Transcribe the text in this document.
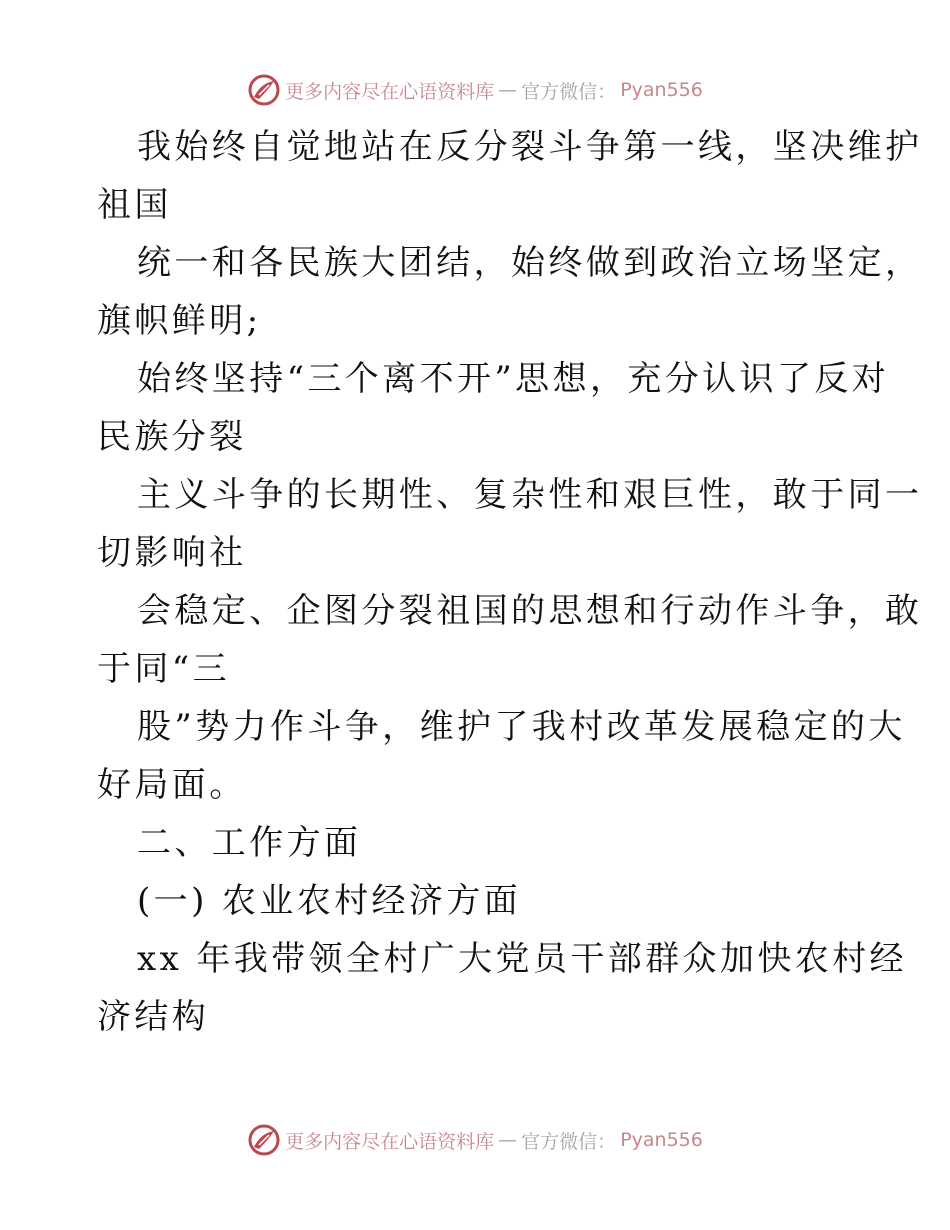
更多内容尽在心语资料库 — 官方微信： Pyan556
我始终自觉地站在反分裂斗争第一线，坚决维护
祖国
统一和各民族大团结，始终做到政治立场坚定，
旗帜鲜明;
始终坚持“三个离不开”思想，充分认识了反对
民族分裂
主义斗争的长期性、复杂性和艰巨性，敢于同一
切影响社
会稳定、企图分裂祖国的思想和行动作斗争，敢
于同“三
股”势力作斗争，维护了我村改革发展稳定的大
好局面。
二、工作方面
(一) 农业农村经济方面
xx 年我带领全村广大党员干部群众加快农村经
济结构
更多内容尽在心语资料库 — 官方微信： Pyan556
